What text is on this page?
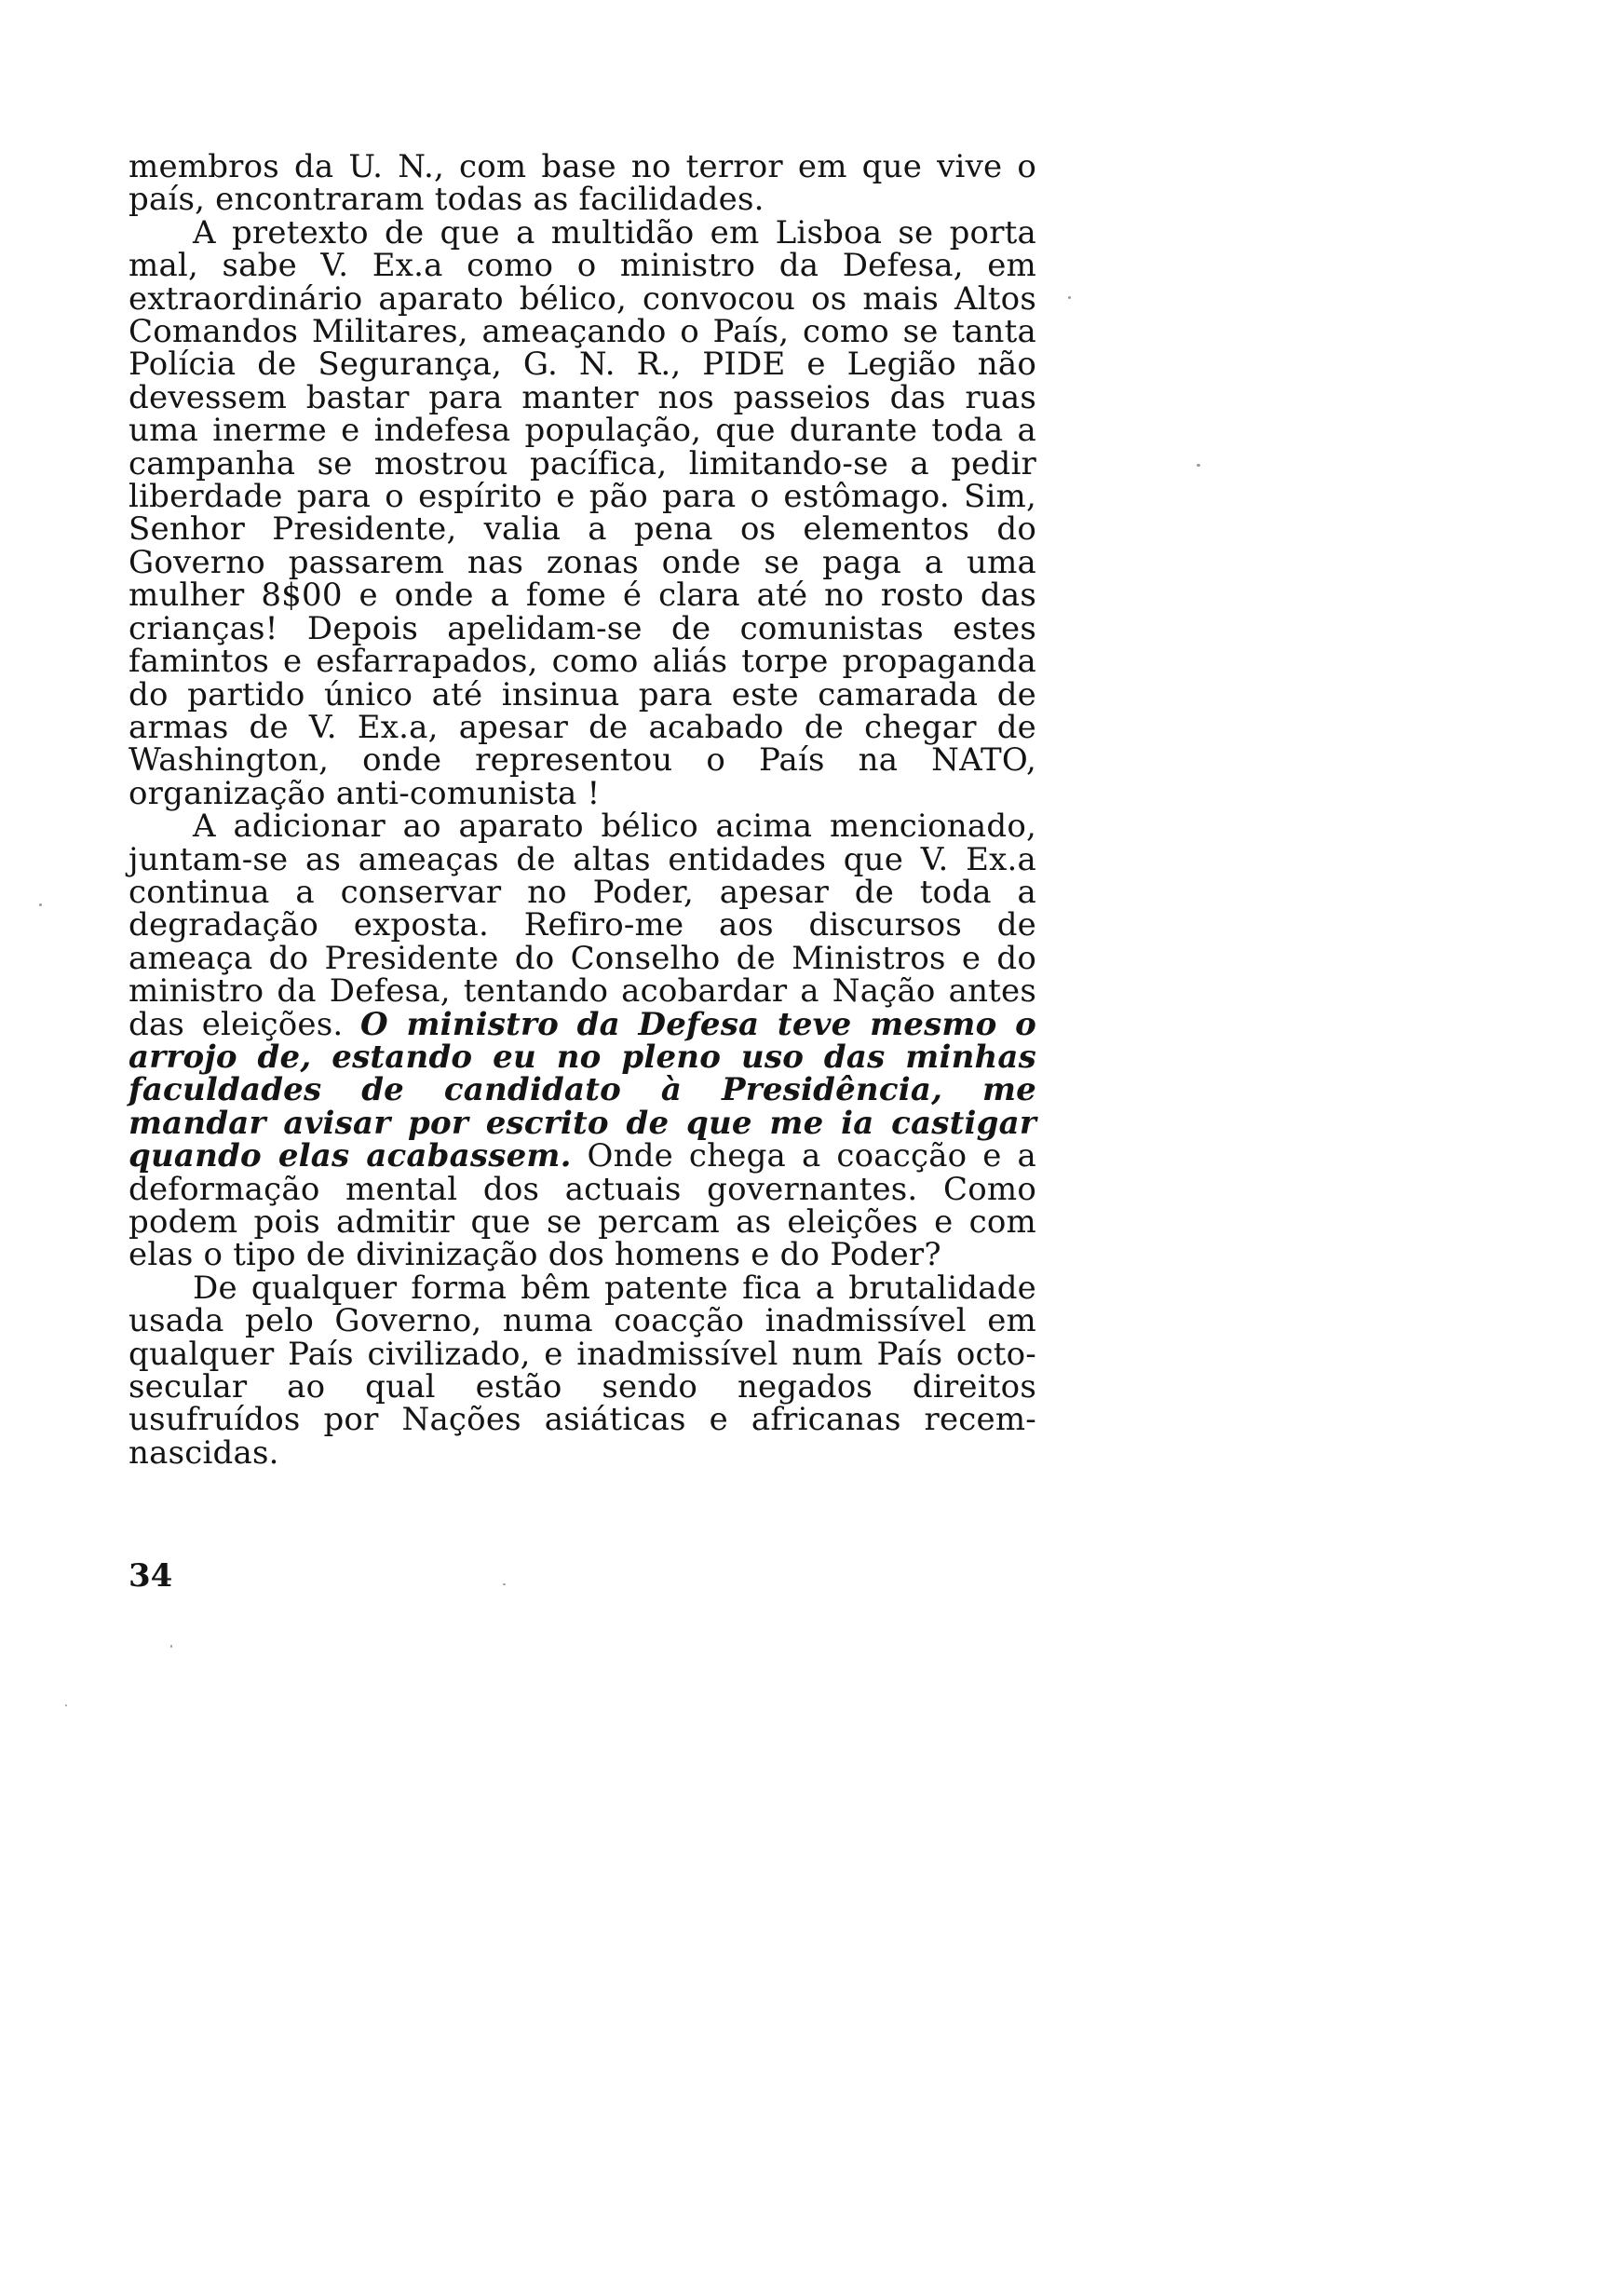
membros da U. N., com base no terror em que vive o país, encontraram todas as facilidades.

A pretexto de que a multidão em Lisboa se porta mal, sabe V. Ex.a como o ministro da Defesa, em extraordinário aparato bélico, convocou os mais Altos Comandos Militares, ameaçando o País, como se tanta Polícia de Segurança, G. N. R., PIDE e Legião não devessem bastar para manter nos passeios das ruas uma inerme e indefesa população, que durante toda a campanha se mostrou pacífica, limitando-se a pedir liberdade para o espírito e pão para o estômago. Sim, Senhor Presidente, valia a pena os elementos do Governo passarem nas zonas onde se paga a uma mulher 8$00 e onde a fome é clara até no rosto das crianças! Depois apelidam-se de comunistas estes famintos e esfarrapados, como aliás torpe propaganda do partido único até insinua para este camarada de armas de V. Ex.a, apesar de acabado de chegar de Washington, onde representou o País na NATO, organização anti-comunista !

A adicionar ao aparato bélico acima mencionado, juntam-se as ameaças de altas entidades que V. Ex.a continua a conservar no Poder, apesar de toda a degradação exposta. Refiro-me aos discursos de ameaça do Presidente do Conselho de Ministros e do ministro da Defesa, tentando acobardar a Nação antes das eleições. O ministro da Defesa teve mesmo o arrojo de, estando eu no pleno uso das minhas faculdades de candidato à Presidência, me mandar avisar por escrito de que me ia castigar quando elas acabassem. Onde chega a coacção e a deformação mental dos actuais governantes. Como podem pois admitir que se percam as eleições e com elas o tipo de divinização dos homens e do Poder?

De qualquer forma bêm patente fica a brutalidade usada pelo Governo, numa coacção inadmissível em qualquer País civilizado, e inadmissível num País octo-secular ao qual estão sendo negados direitos usufruídos por Nações asiáticas e africanas recem-nascidas.

34
